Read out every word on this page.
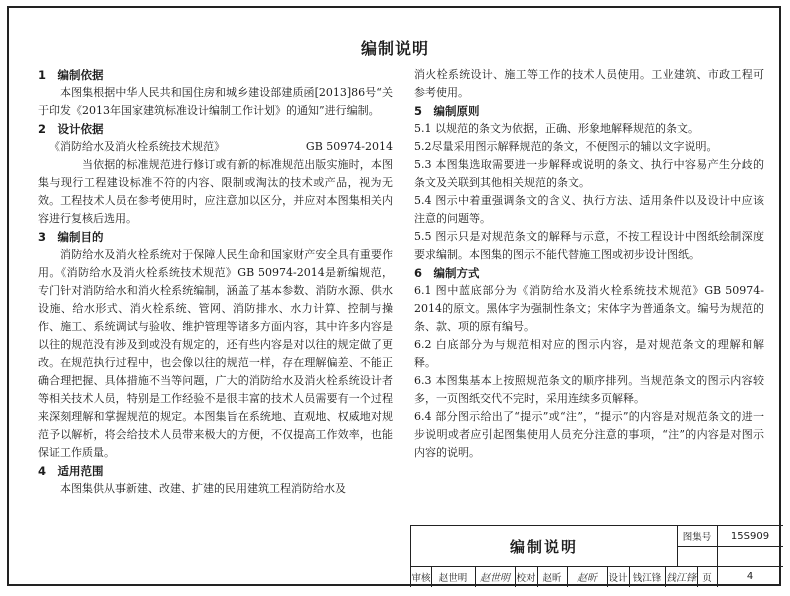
编制说明

1　编制依据

本图集根据中华人民共和国住房和城乡建设部建质函[2013]86号“关于印发《2013年国家建筑标准设计编制工作计划》的通知”进行编制。

2　设计依据

《消防给水及消火栓系统技术规范》	GB 50974-2014

当依据的标准规范进行修订或有新的标准规范出版实施时，本图集与现行工程建设标准不符的内容、限制或淘汰的技术或产品，视为无效。工程技术人员在参考使用时，应注意加以区分，并应对本图集相关内容进行复核后选用。

3　编制目的

消防给水及消火栓系统对于保障人民生命和国家财产安全具有重要作用。《消防给水及消火栓系统技术规范》GB 50974-2014是新编规范，专门针对消防给水和消火栓系统编制，涵盖了基本参数、消防水源、供水设施、给水形式、消火栓系统、管网、消防排水、水力计算、控制与操作、施工、系统调试与验收、维护管理等诸多方面内容，其中许多内容是以往的规范没有涉及到或没有规定的，还有些内容是对以往的规定做了更改。在规范执行过程中，也会像以往的规范一样，存在理解偏差、不能正确合理把握、具体措施不当等问题，广大的消防给水及消火栓系统设计者等相关技术人员，特别是工作经验不是很丰富的技术人员需要有一个过程来深刻理解和掌握规范的规定。本图集旨在系统地、直观地、权威地对规范予以解析，将会给技术人员带来极大的方便，不仅提高工作效率，也能保证工作质量。

4　适用范围

本图集供从事新建、改建、扩建的民用建筑工程消防给水及

消火栓系统设计、施工等工作的技术人员使用。工业建筑、市政工程可参考使用。

5　编制原则

5.1 以规范的条文为依据，正确、形象地解释规范的条文。

5.2尽量采用图示解释规范的条文，不便图示的辅以文字说明。

5.3 本图集选取需要进一步解释或说明的条文、执行中容易产生分歧的条文及关联到其他相关规范的条文。

5.4 图示中着重强调条文的含义、执行方法、适用条件以及设计中应该注意的问题等。

5.5 图示只是对规范条文的解释与示意，不按工程设计中图纸绘制深度要求编制。本图集的图示不能代替施工图或初步设计图纸。

6　编制方式

6.1 图中蓝底部分为《消防给水及消火栓系统技术规范》GB 50974-2014的原文。黑体字为强制性条文；宋体字为普通条文。编号为规范的条、款、项的原有编号。

6.2 白底部分为与规范相对应的图示内容，是对规范条文的理解和解释。

6.3 本图集基本上按照规范条文的顺序排列。当规范条文的图示内容较多，一页图纸交代不完时，采用连续多页解释。

6.4 部分图示给出了“提示”或“注”，“提示”的内容是对规范条文的进一步说明或者应引起图集使用人员充分注意的事项，“注”的内容是对图示内容的说明。

编制说明	图集号	15S909
审核 赵世明	赵世明 校对 赵昕	赵昕	设计 钱江锋 钱江锋 页	4
